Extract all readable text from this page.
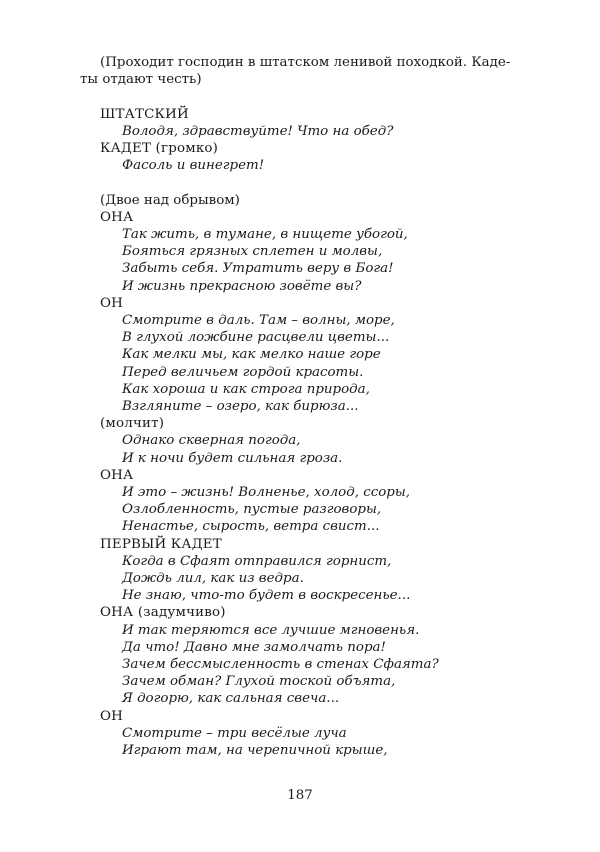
(Проходит господин в штатском ленивой походкой. Каде-
ты отдают честь)
ШТАТСКИЙ
Володя, здравствуйте! Что на обед?
КАДЕТ (громко)
Фасоль и винегрет!
(Двое над обрывом)
ОНА
Так жить, в тумане, в нищете убогой,
Бояться грязных сплетен и молвы,
Забыть себя. Утратить веру в Бога!
И жизнь прекрасною зовёте вы?
ОН
Смотрите в даль. Там – волны, море,
В глухой ложбине расцвели цветы...
Как мелки мы, как мелко наше горе
Перед величьем гордой красоты.
Как хороша и как строга природа,
Взгляните – озеро, как бирюза...
(молчит)
Однако скверная погода,
И к ночи будет сильная гроза.
ОНА
И это – жизнь! Волненье, холод, ссоры,
Озлобленность, пустые разговоры,
Ненастье, сырость, ветра свист...
ПЕРВЫЙ КАДЕТ
Когда в Сфаят отправился горнист,
Дождь лил, как из ведра.
Не знаю, что-то будет в воскресенье...
ОНА (задумчиво)
И так теряются все лучшие мгновенья.
Да что! Давно мне замолчать пора!
Зачем бессмысленность в стенах Сфаята?
Зачем обман? Глухой тоской объята,
Я догорю, как сальная свеча...
ОН
Смотрите – три весёлые луча
Играют там, на черепичной крыше,
187
